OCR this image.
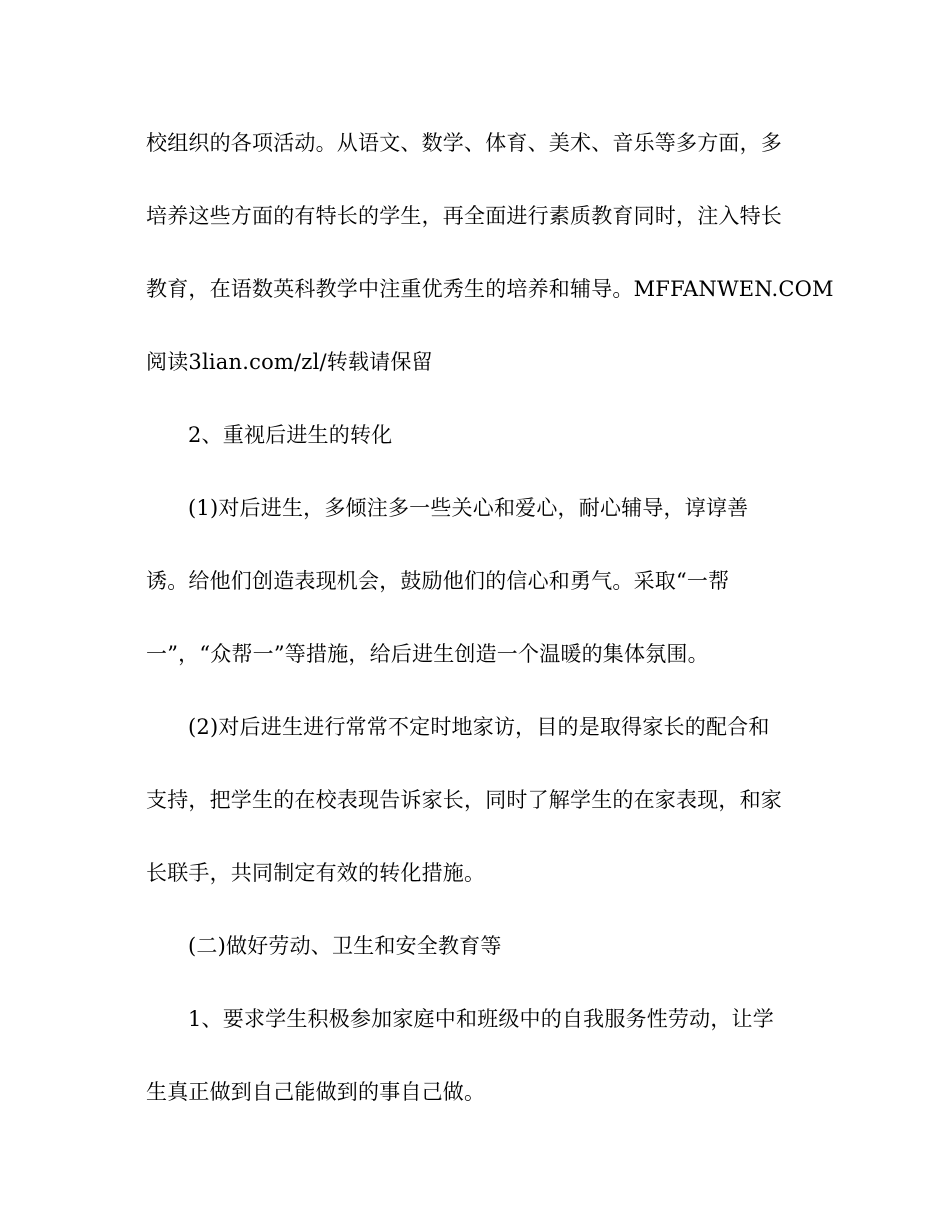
校组织的各项活动。从语文、数学、体育、美术、音乐等多方面，多
培养这些方面的有特长的学生，再全面进行素质教育同时，注入特长
教育，在语数英科教学中注重优秀生的培养和辅导。MFFANWEN.COM
阅读3lian.com/zl/转载请保留
2、重视后进生的转化
(1)对后进生，多倾注多一些关心和爱心，耐心辅导，谆谆善
诱。给他们创造表现机会，鼓励他们的信心和勇气。采取“一帮
一”，“众帮一”等措施，给后进生创造一个温暖的集体氛围。
(2)对后进生进行常常不定时地家访，目的是取得家长的配合和
支持，把学生的在校表现告诉家长，同时了解学生的在家表现，和家
长联手，共同制定有效的转化措施。
(二)做好劳动、卫生和安全教育等
1、要求学生积极参加家庭中和班级中的自我服务性劳动，让学
生真正做到自己能做到的事自己做。
